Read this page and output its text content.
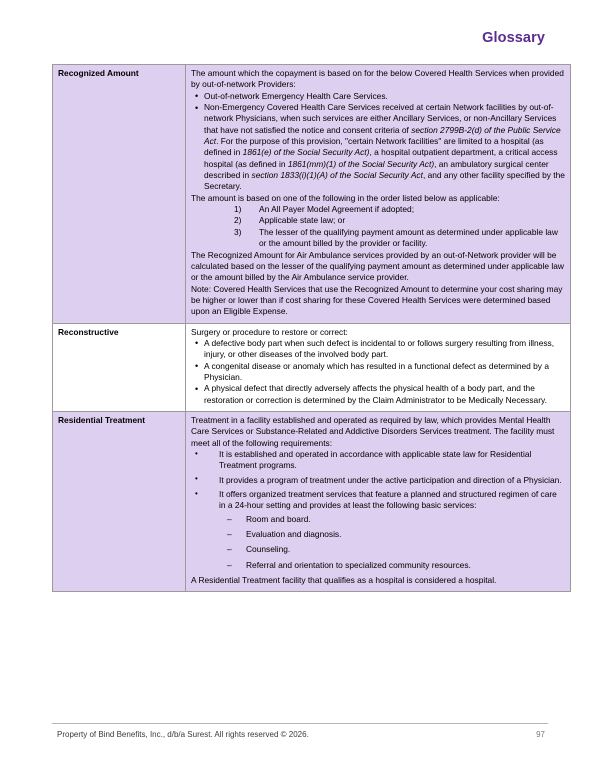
Glossary
Recognized Amount	The amount which the copayment is based on for the below Covered Health Services when provided by out-of-network Providers:

• Out-of-network Emergency Health Care Services.
• Non-Emergency Covered Health Care Services received at certain Network facilities by out-of-network Physicians, when such services are either Ancillary Services, or non-Ancillary Services that have not satisfied the notice and consent criteria of section 2799B-2(d) of the Public Service Act. For the purpose of this provision, "certain Network facilities" are limited to a hospital (as defined in 1861(e) of the Social Security Act), a hospital outpatient department, a critical access hospital (as defined in 1861(mm)(1) of the Social Security Act), an ambulatory surgical center described in section 1833(i)(1)(A) of the Social Security Act, and any other facility specified by the Secretary.

The amount is based on one of the following in the order listed below as applicable:

1) An All Payer Model Agreement if adopted;
2) Applicable state law; or
3) The lesser of the qualifying payment amount as determined under applicable law or the amount billed by the provider or facility.

The Recognized Amount for Air Ambulance services provided by an out-of-Network provider will be calculated based on the lesser of the qualifying payment amount as determined under applicable law or the amount billed by the Air Ambulance service provider.

Note: Covered Health Services that use the Recognized Amount to determine your cost sharing may be higher or lower than if cost sharing for these Covered Health Services were determined based upon an Eligible Expense.

Reconstructive	Surgery or procedure to restore or correct:

• A defective body part when such defect is incidental to or follows surgery resulting from illness, injury, or other diseases of the involved body part.
• A congenital disease or anomaly which has resulted in a functional defect as determined by a Physician.
• A physical defect that directly adversely affects the physical health of a body part, and the restoration or correction is determined by the Claim Administrator to be Medically Necessary.

Residential Treatment	Treatment in a facility established and operated as required by law, which provides Mental Health Care Services or Substance-Related and Addictive Disorders Services treatment. The facility must meet all of the following requirements:

• It is established and operated in accordance with applicable state law for Residential Treatment programs.
• It provides a program of treatment under the active participation and direction of a Physician.
• It offers organized treatment services that feature a planned and structured regimen of care in a 24-hour setting and provides at least the following basic services:
– Room and board.
– Evaluation and diagnosis.
– Counseling.
– Referral and orientation to specialized community resources.

A Residential Treatment facility that qualifies as a hospital is considered a hospital.

Property of Bind Benefits, Inc., d/b/a Surest. All rights reserved © 2026.	97
